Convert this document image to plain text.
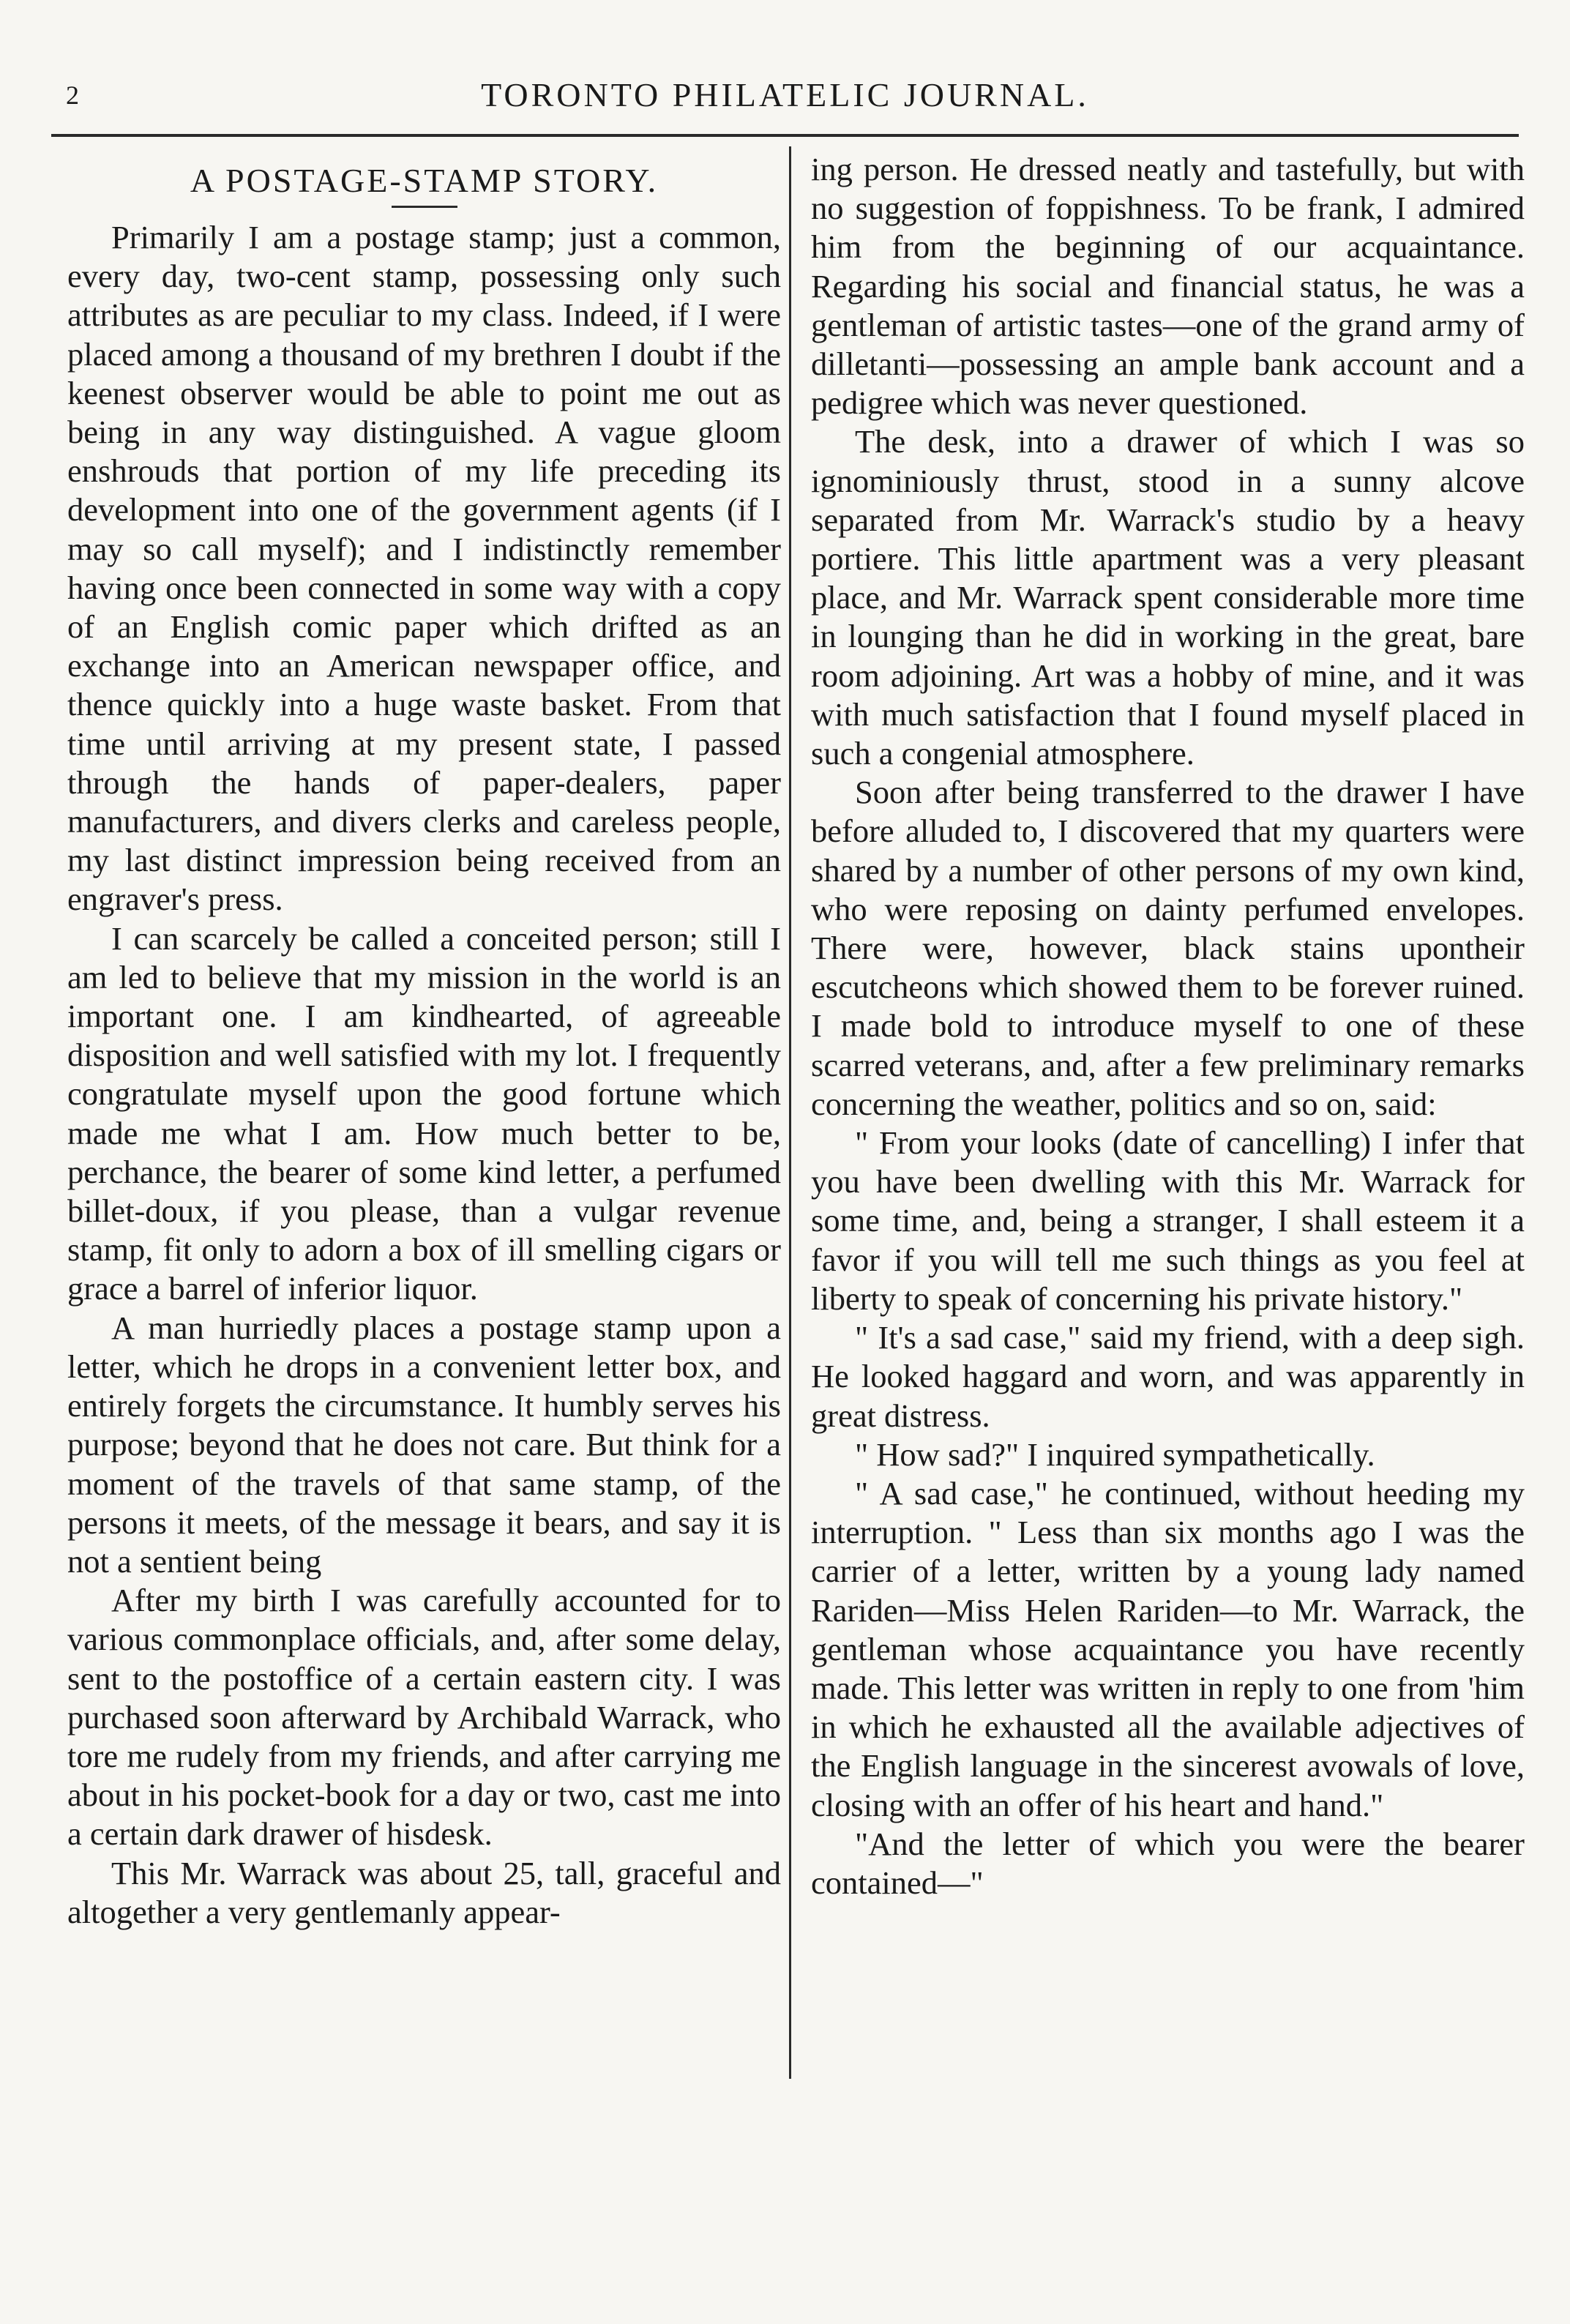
2	TORONTO PHILATELIC JOURNAL.
A POSTAGE-STAMP STORY.

Primarily I am a postage stamp; just a common, every day, two-cent stamp, possessing only such attributes as are peculiar to my class. Indeed, if I were placed among a thousand of my brethren I doubt if the keenest observer would be able to point me out as being in any way distinguished. A vague gloom enshrouds that portion of my life preceding its development into one of the government agents (if I may so call myself); and I indistinctly remember having once been connected in some way with a copy of an English comic paper which drifted as an exchange into an American newspaper office, and thence quickly into a huge waste basket. From that time until arriving at my present state, I passed through the hands of paper-dealers, paper manufacturers, and divers clerks and careless people, my last distinct impression being received from an engraver's press.

I can scarcely be called a conceited person; still I am led to believe that my mission in the world is an important one. I am kindhearted, of agreeable disposition and well satisfied with my lot. I frequently congratulate myself upon the good fortune which made me what I am. How much better to be, perchance, the bearer of some kind letter, a perfumed billet-doux, if you please, than a vulgar revenue stamp, fit only to adorn a box of ill smelling cigars or grace a barrel of inferior liquor.

A man hurriedly places a postage stamp upon a letter, which he drops in a convenient letter box, and entirely forgets the circumstance. It humbly serves his purpose; beyond that he does not care. But think for a moment of the travels of that same stamp, of the persons it meets, of the message it bears, and say it is not a sentient being

After my birth I was carefully accounted for to various commonplace officials, and, after some delay, sent to the postoffice of a certain eastern city. I was purchased soon afterward by Archibald Warrack, who tore me rudely from my friends, and after carrying me about in his pocket-book for a day or two, cast me into a certain dark drawer of hisdesk.

This Mr. Warrack was about 25, tall, graceful and altogether a very gentlemanly appear-

ing person. He dressed neatly and tastefully, but with no suggestion of foppishness. To be frank, I admired him from the beginning of our acquaintance. Regarding his social and financial status, he was a gentleman of artistic tastes—one of the grand army of dilletanti—possessing an ample bank account and a pedigree which was never questioned.

The desk, into a drawer of which I was so ignominiously thrust, stood in a sunny alcove separated from Mr. Warrack's studio by a heavy portiere. This little apartment was a very pleasant place, and Mr. Warrack spent considerable more time in lounging than he did in working in the great, bare room adjoining. Art was a hobby of mine, and it was with much satisfaction that I found myself placed in such a congenial atmosphere.

Soon after being transferred to the drawer I have before alluded to, I discovered that my quarters were shared by a number of other persons of my own kind, who were reposing on dainty perfumed envelopes. There were, however, black stains upontheir escutcheons which showed them to be forever ruined. I made bold to introduce myself to one of these scarred veterans, and, after a few preliminary remarks concerning the weather, politics and so on, said:

" From your looks (date of cancelling) I infer that you have been dwelling with this Mr. Warrack for some time, and, being a stranger, I shall esteem it a favor if you will tell me such things as you feel at liberty to speak of concerning his private history."

" It's a sad case," said my friend, with a deep sigh. He looked haggard and worn, and was apparently in great distress.

" How sad?" I inquired sympathetically.

" A sad case," he continued, without heeding my interruption. " Less than six months ago I was the carrier of a letter, written by a young lady named Rariden—Miss Helen Rariden—to Mr. Warrack, the gentleman whose acquaintance you have recently made. This letter was written in reply to one from 'him in which he exhausted all the available adjectives of the English language in the sincerest avowals of love, closing with an offer of his heart and hand."

"And the letter of which you were the bearer contained—"
